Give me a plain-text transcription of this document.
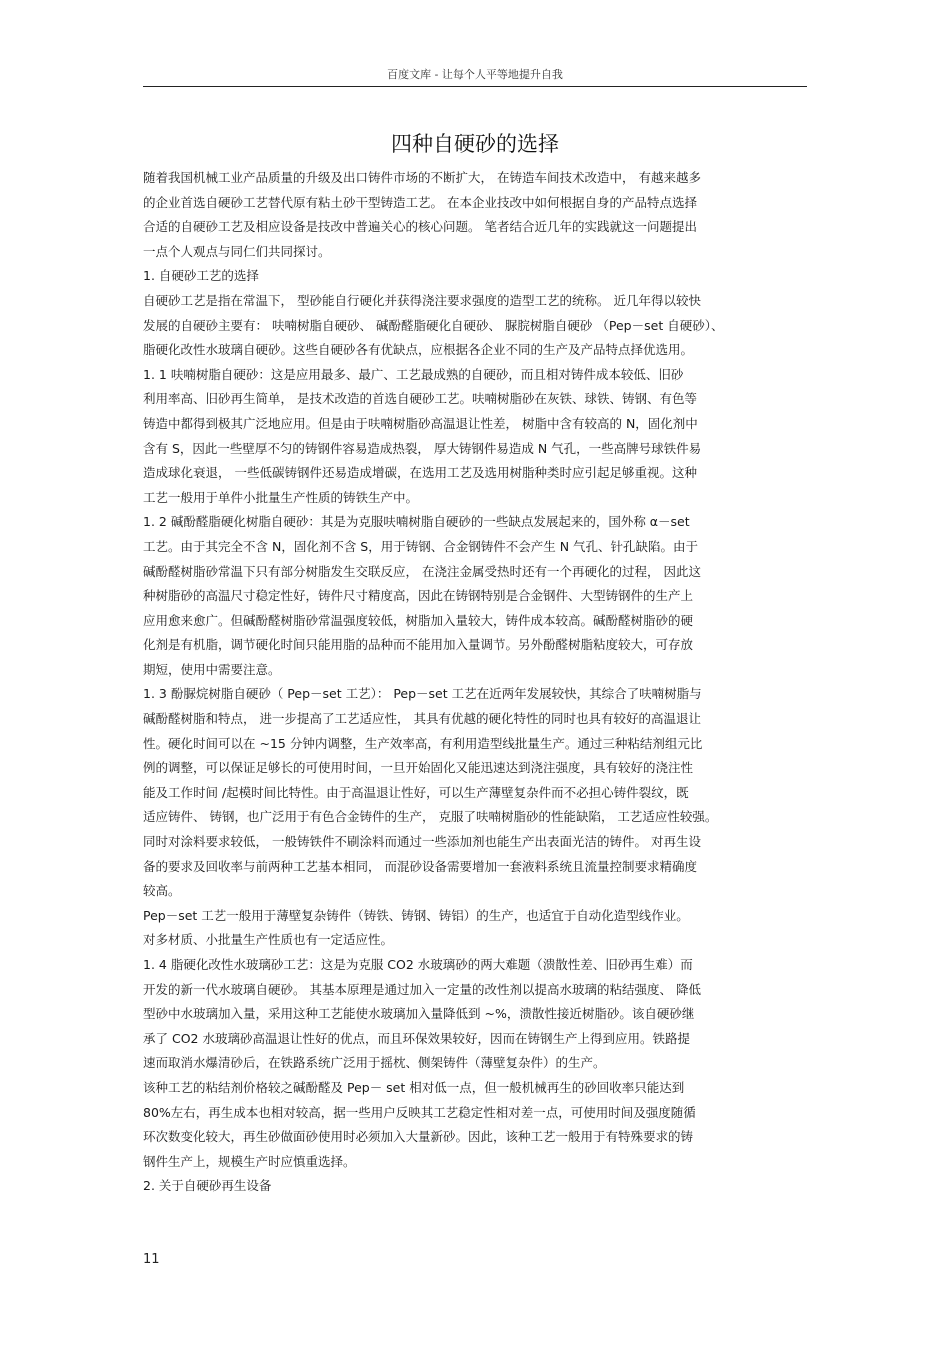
百度文库 - 让每个人平等地提升自我
四种自硬砂的选择
随着我国机械工业产品质量的升级及出口铸件市场的不断扩大， 在铸造车间技术改造中， 有越来越多
的企业首选自硬砂工艺替代原有粘土砂干型铸造工艺。 在本企业技改中如何根据自身的产品特点选择
合适的自硬砂工艺及相应设备是技改中普遍关心的核心问题。 笔者结合近几年的实践就这一问题提出
一点个人观点与同仁们共同探讨。
1. 自硬砂工艺的选择
自硬砂工艺是指在常温下， 型砂能自行硬化并获得浇注要求强度的造型工艺的统称。 近几年得以较快
发展的自硬砂主要有： 呋喃树脂自硬砂、 碱酚醛脂硬化自硬砂、 脲脘树脂自硬砂 （Pep－set 自硬砂）、
脂硬化改性水玻璃自硬砂。这些自硬砂各有优缺点，应根据各企业不同的生产及产品特点择优选用。
1. 1 呋喃树脂自硬砂：这是应用最多、最广、工艺最成熟的自硬砂，而且相对铸件成本较低、旧砂
利用率高、旧砂再生简单， 是技术改造的首选自硬砂工艺。呋喃树脂砂在灰铁、球铁、铸钢、有色等
铸造中都得到极其广泛地应用。但是由于呋喃树脂砂高温退让性差， 树脂中含有较高的 N，固化剂中
含有 S，因此一些壁厚不匀的铸钢件容易造成热裂， 厚大铸钢件易造成 N 气孔，一些高牌号球铁件易
造成球化衰退， 一些低碳铸钢件还易造成增碳，在选用工艺及选用树脂种类时应引起足够重视。这种
工艺一般用于单件小批量生产性质的铸铁生产中。
1. 2 碱酚醛脂硬化树脂自硬砂：其是为克服呋喃树脂自硬砂的一些缺点发展起来的，国外称 α－set
工艺。由于其完全不含 N，固化剂不含 S，用于铸钢、合金钢铸件不会产生 N 气孔、针孔缺陷。由于
碱酚醛树脂砂常温下只有部分树脂发生交联反应， 在浇注金属受热时还有一个再硬化的过程， 因此这
种树脂砂的高温尺寸稳定性好，铸件尺寸精度高，因此在铸钢特别是合金钢件、大型铸钢件的生产上
应用愈来愈广。但碱酚醛树脂砂常温强度较低，树脂加入量较大，铸件成本较高。碱酚醛树脂砂的硬
化剂是有机脂，调节硬化时间只能用脂的品种而不能用加入量调节。另外酚醛树脂粘度较大，可存放
期短，使用中需要注意。
1. 3 酚脲烷树脂自硬砂（ Pep－set 工艺）： Pep－set 工艺在近两年发展较快，其综合了呋喃树脂与
碱酚醛树脂和特点， 进一步提高了工艺适应性， 其具有优越的硬化特性的同时也具有较好的高温退让
性。硬化时间可以在 ~15 分钟内调整，生产效率高，有利用造型线批量生产。通过三种粘结剂组元比
例的调整，可以保证足够长的可使用时间，一旦开始固化又能迅速达到浇注强度，具有较好的浇注性
能及工作时间 /起模时间比特性。由于高温退让性好，可以生产薄壁复杂件而不必担心铸件裂纹，既
适应铸件、 铸钢，也广泛用于有色合金铸件的生产， 克服了呋喃树脂砂的性能缺陷， 工艺适应性较强。
同时对涂料要求较低， 一般铸铁件不刷涂料而通过一些添加剂也能生产出表面光洁的铸件。 对再生设
备的要求及回收率与前两种工艺基本相同， 而混砂设备需要增加一套液料系统且流量控制要求精确度
较高。
Pep－set 工艺一般用于薄壁复杂铸件（铸铁、铸钢、铸铝）的生产，也适宜于自动化造型线作业。
对多材质、小批量生产性质也有一定适应性。
1. 4 脂硬化改性水玻璃砂工艺：这是为克服 CO2 水玻璃砂的两大难题（溃散性差、旧砂再生难）而
开发的新一代水玻璃自硬砂。 其基本原理是通过加入一定量的改性剂以提高水玻璃的粘结强度、 降低
型砂中水玻璃加入量，采用这种工艺能使水玻璃加入量降低到 ~%，溃散性接近树脂砂。该自硬砂继
承了 CO2 水玻璃砂高温退让性好的优点，而且环保效果较好，因而在铸钢生产上得到应用。铁路提
速而取消水爆清砂后，在铁路系统广泛用于摇枕、侧架铸件（薄壁复杂件）的生产。
该种工艺的粘结剂价格较之碱酚醛及 Pep－ set 相对低一点，但一般机械再生的砂回收率只能达到
80%左右，再生成本也相对较高，据一些用户反映其工艺稳定性相对差一点，可使用时间及强度随循
环次数变化较大，再生砂做面砂使用时必须加入大量新砂。因此，该种工艺一般用于有特殊要求的铸
钢件生产上，规模生产时应慎重选择。
2. 关于自硬砂再生设备
11
